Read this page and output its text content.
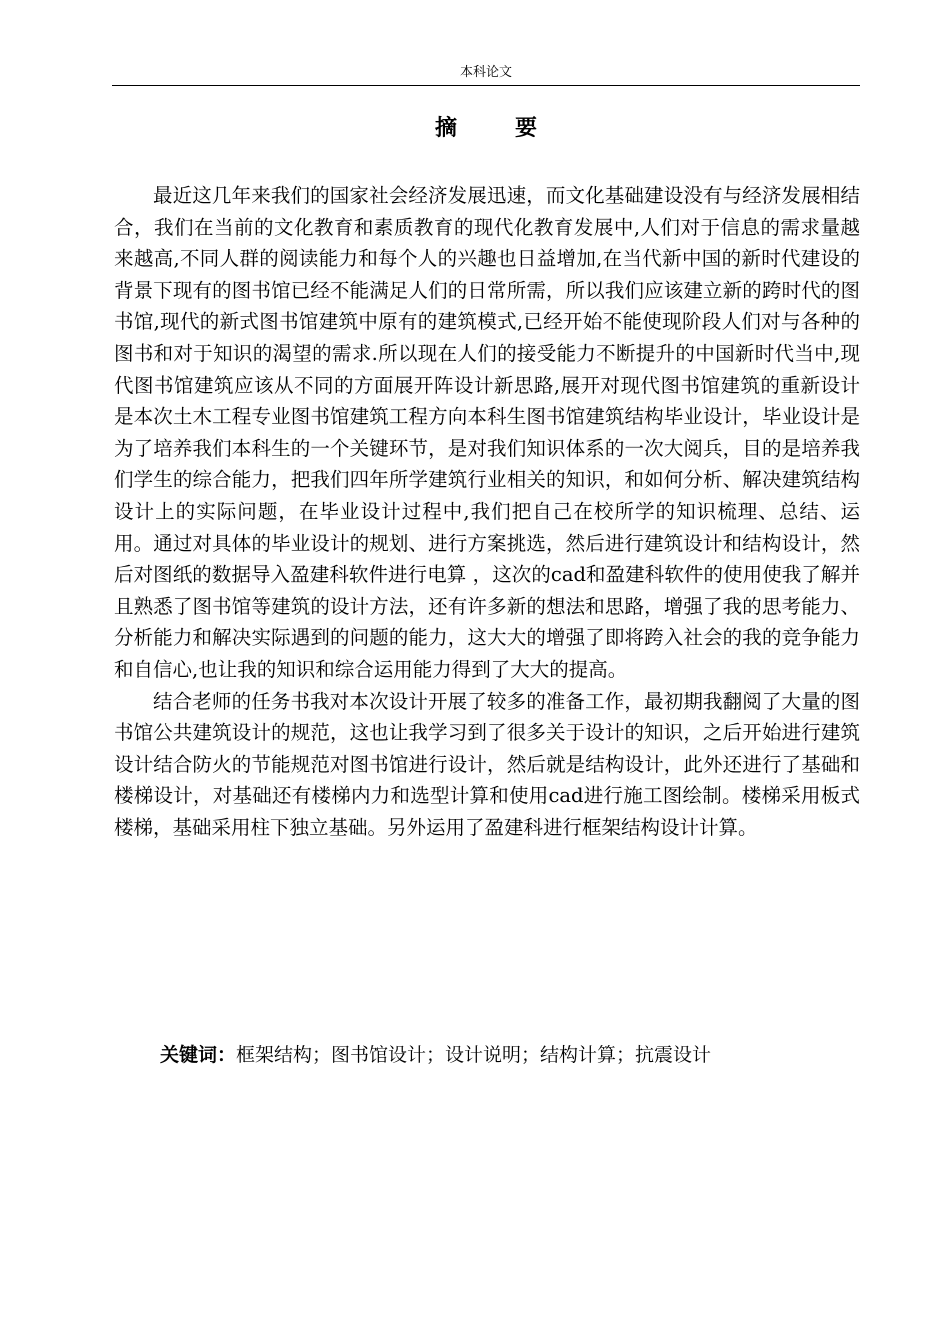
本科论文
摘要

最近这几年来我们的国家社会经济发展迅速，而文化基础建设没有与经济发展相结合，我们在当前的文化教育和素质教育的现代化教育发展中,人们对于信息的需求量越来越高,不同人群的阅读能力和每个人的兴趣也日益增加,在当代新中国的新时代建设的背景下现有的图书馆已经不能满足人们的日常所需，所以我们应该建立新的跨时代的图书馆,现代的新式图书馆建筑中原有的建筑模式,已经开始不能使现阶段人们对与各种的图书和对于知识的渴望的需求.所以现在人们的接受能力不断提升的中国新时代当中,现代图书馆建筑应该从不同的方面展开阵设计新思路,展开对现代图书馆建筑的重新设计是本次土木工程专业图书馆建筑工程方向本科生图书馆建筑结构毕业设计，毕业设计是为了培养我们本科生的一个关键环节，是对我们知识体系的一次大阅兵，目的是培养我们学生的综合能力，把我们四年所学建筑行业相关的知识，和如何分析、解决建筑结构设计上的实际问题，在毕业设计过程中,我们把自己在校所学的知识梳理、总结、运用。通过对具体的毕业设计的规划、进行方案挑选，然后进行建筑设计和结构设计，然后对图纸的数据导入盈建科软件进行电算 ，这次的cad和盈建科软件的使用使我了解并且熟悉了图书馆等建筑的设计方法，还有许多新的想法和思路，增强了我的思考能力、分析能力和解决实际遇到的问题的能力，这大大的增强了即将跨入社会的我的竞争能力和自信心,也让我的知识和综合运用能力得到了大大的提高。

结合老师的任务书我对本次设计开展了较多的准备工作，最初期我翻阅了大量的图书馆公共建筑设计的规范，这也让我学习到了很多关于设计的知识，之后开始进行建筑设计结合防火的节能规范对图书馆进行设计，然后就是结构设计，此外还进行了基础和楼梯设计，对基础还有楼梯内力和选型计算和使用cad进行施工图绘制。楼梯采用板式楼梯，基础采用柱下独立基础。另外运用了盈建科进行框架结构设计计算。

关键词：框架结构；图书馆设计；设计说明；结构计算；抗震设计
